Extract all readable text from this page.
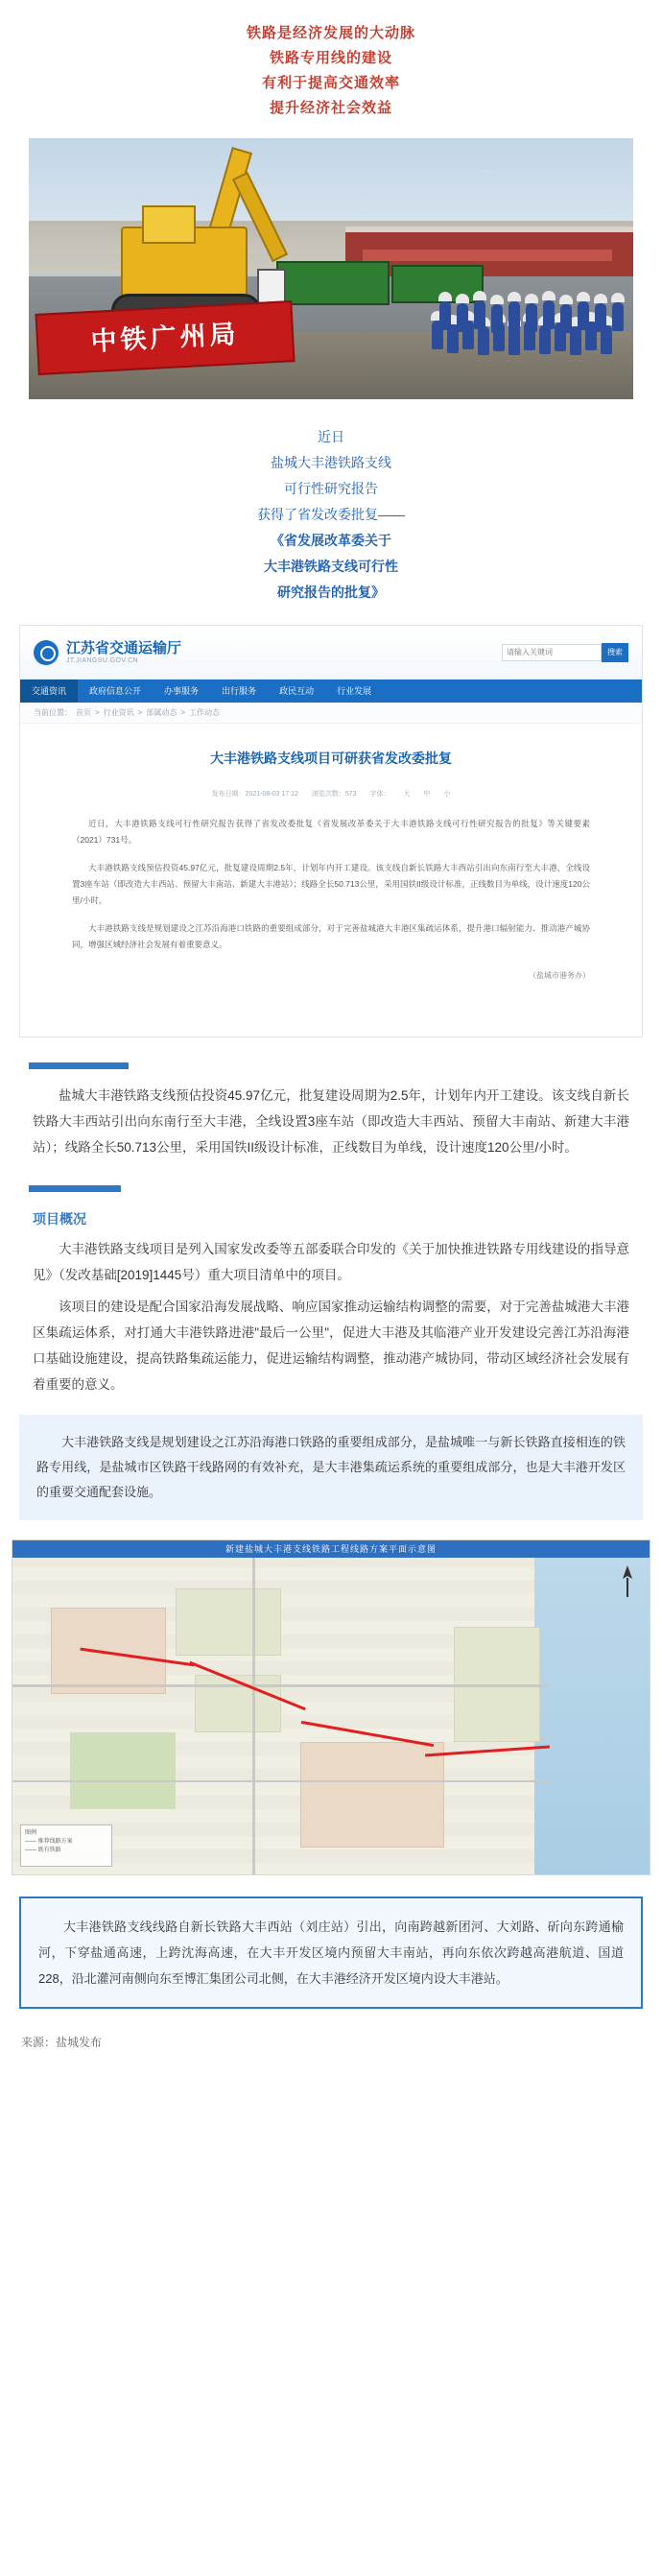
铁路是经济发展的大动脉
铁路专用线的建设
有利于提高交通效率
提升经济社会效益
中铁广州局
近日
盐城大丰港铁路支线
可行性研究报告
获得了省发改委批复——
《省发展改革委关于
大丰港铁路支线可行性
研究报告的批复》
江苏省交通运输厅
JT.JIANGSU.GOV.CN
请输入关键词
搜索
交通资讯	政府信息公开	办事服务	出行服务	政民互动	行业发展
当前位置： 首页 > 行业资讯 > 部属动态 > 工作动态
大丰港铁路支线项目可研获省发改委批复
发布日期：2021-08-03 17:12 浏览次数：573 字体： 大 中 小

近日，大丰港铁路支线可行性研究报告获得了省发改委批复《省发展改革委关于大丰港铁路支线可行性研究报告的批复》等关键要素（2021）731号。

大丰港铁路支线预估投资45.97亿元，批复建设周期2.5年，计划年内开工建设。该支线自新长铁路大丰西站引出向东南行至大丰港，全线设置3座车站（即改造大丰西站、预留大丰南站、新建大丰港站）；线路全长50.713公里，采用国铁II级设计标准，正线数目为单线，设计速度120公里/小时。

大丰港铁路支线是规划建设之江苏沿海港口铁路的重要组成部分，对于完善盐城港大丰港区集疏运体系，提升港口辐射能力、推动港产城协同，增强区域经济社会发展有着重要意义。

（盐城市港务办）
盐城大丰港铁路支线预估投资45.97亿元，批复建设周期为2.5年，计划年内开工建设。该支线自新长铁路大丰西站引出向东南行至大丰港，全线设置3座车站（即改造大丰西站、预留大丰南站、新建大丰港站）；线路全长50.713公里，采用国铁II级设计标准，正线数目为单线，设计速度120公里/小时。
项目概况
大丰港铁路支线项目是列入国家发改委等五部委联合印发的《关于加快推进铁路专用线建设的指导意见》（发改基础[2019]1445号）重大项目清单中的项目。
该项目的建设是配合国家沿海发展战略、响应国家推动运输结构调整的需要，对于完善盐城港大丰港区集疏运体系，对打通大丰港铁路进港"最后一公里"，促进大丰港及其临港产业开发建设完善江苏沿海港口基础设施建设，提高铁路集疏运能力，促进运输结构调整，推动港产城协同，带动区域经济社会发展有着重要的意义。
大丰港铁路支线是规划建设之江苏沿海港口铁路的重要组成部分，是盐城唯一与新长铁路直接相连的铁路专用线，是盐城市区铁路干线路网的有效补充，是大丰港集疏运系统的重要组成部分，也是大丰港开发区的重要交通配套设施。
新建盐城大丰港支线铁路工程线路方案平面示意图
图例
—— 推荐线路方案
—— 既有铁路
大丰港铁路支线线路自新长铁路大丰西站（刘庄站）引出，向南跨越新团河、大刘路、斫向东跨通榆河，下穿盐通高速，上跨沈海高速，在大丰开发区境内预留大丰南站，再向东依次跨越高港航道、国道228，沿北灌河南侧向东至博汇集团公司北侧，在大丰港经济开发区境内设大丰港站。
来源：盐城发布
